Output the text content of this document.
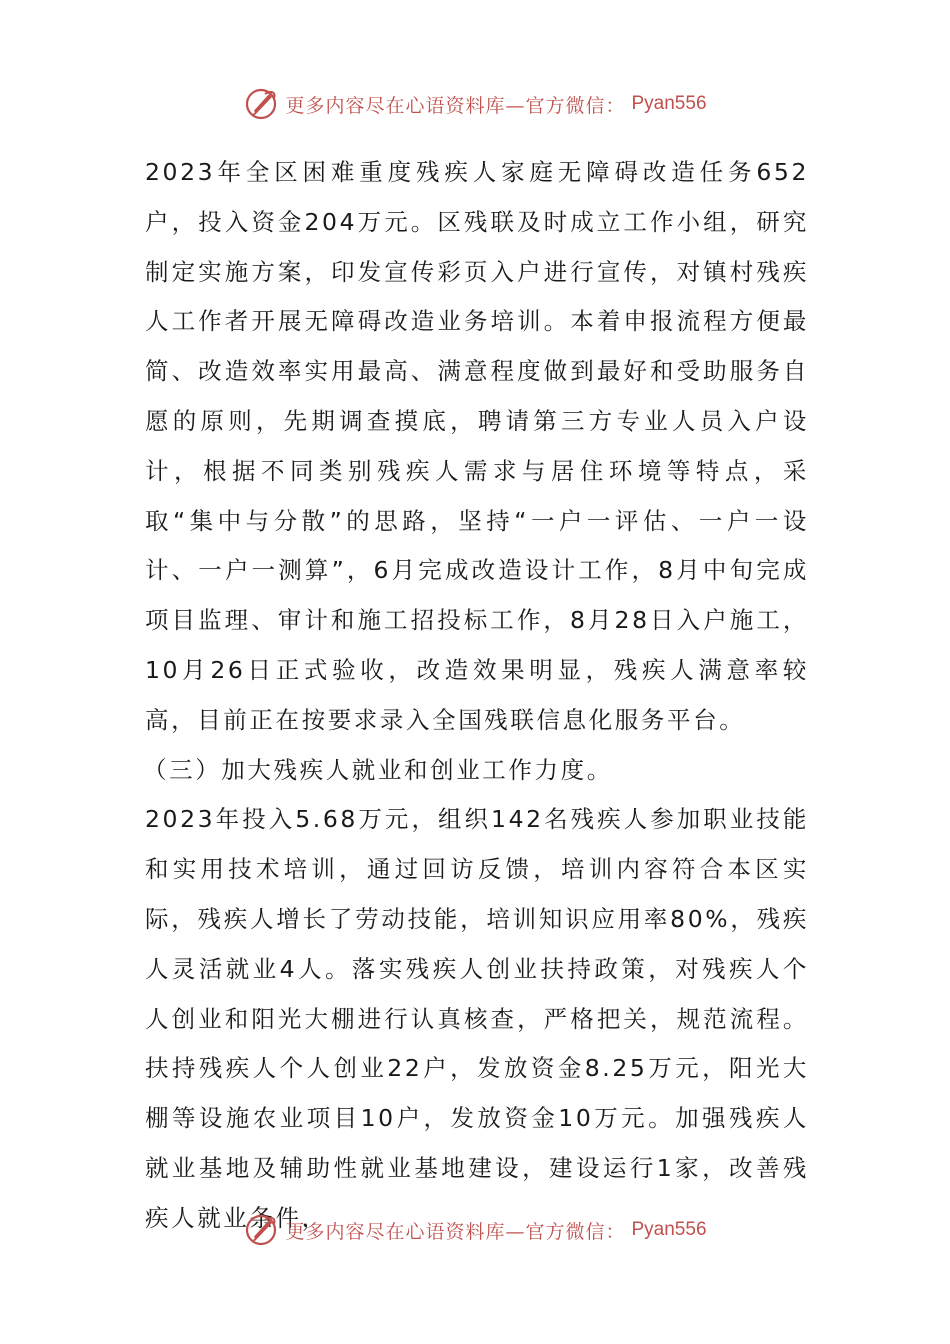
更多内容尽在心语资料库—官方微信： Pyan556

2023年全区困难重度残疾人家庭无障碍改造任务652户，投入资金204万元。区残联及时成立工作小组，研究制定实施方案，印发宣传彩页入户进行宣传，对镇村残疾人工作者开展无障碍改造业务培训。本着申报流程方便最简、改造效率实用最高、满意程度做到最好和受助服务自愿的原则，先期调查摸底，聘请第三方专业人员入户设计，根据不同类别残疾人需求与居住环境等特点，采取“集中与分散”的思路，坚持“一户一评估、一户一设计、一户一测算”，6月完成改造设计工作，8月中旬完成项目监理、审计和施工招投标工作，8月28日入户施工，10月26日正式验收，改造效果明显，残疾人满意率较高，目前正在按要求录入全国残联信息化服务平台。

（三）加大残疾人就业和创业工作力度。

2023年投入5.68万元，组织142名残疾人参加职业技能和实用技术培训，通过回访反馈，培训内容符合本区实际，残疾人增长了劳动技能，培训知识应用率80%，残疾人灵活就业4人。落实残疾人创业扶持政策，对残疾人个人创业和阳光大棚进行认真核查，严格把关，规范流程。扶持残疾人个人创业22户，发放资金8.25万元，阳光大棚等设施农业项目10户，发放资金10万元。加强残疾人就业基地及辅助性就业基地建设，建设运行1家，改善残疾人就业条件，

更多内容尽在心语资料库—官方微信： Pyan556
